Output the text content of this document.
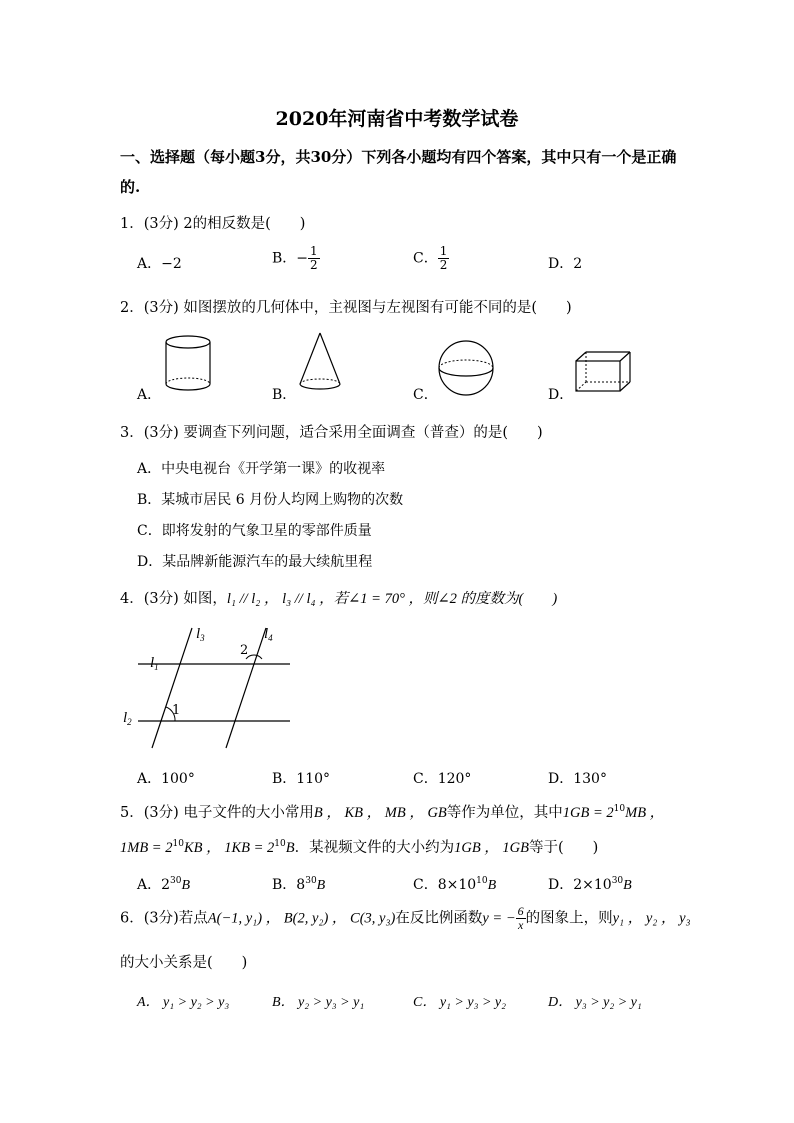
2020年河南省中考数学试卷
一、选择题（每小题3分，共30分）下列各小题均有四个答案，其中只有一个是正确
的.
1．(3分) 2的相反数是(　　)
A．−2	B．− $\frac{1}{2}$	C． $\frac{1}{2}$	D．2
2．(3分) 如图摆放的几何体中，主视图与左视图有可能不同的是(　　)
A．	B．	C．	D．
3．(3分) 要调查下列问题，适合采用全面调查（普查）的是(　　)
A．中央电视台《开学第一课》的收视率
B．某城市居民 6 月份人均网上购物的次数
C．即将发射的气象卫星的零部件质量
D．某品牌新能源汽车的最大续航里程
4．(3分) 如图，l₁ // l₂ ， l₃ // l₄ ，若∠1 = 70° ，则∠2 的度数为(　　)
$l_3$	$l_4$
$l_1$
$l_2$
1
2
A．100°	B．110°	C．120°	D．130°
5．(3分) 电子文件的大小常用B ， KB ， MB ， GB等作为单位，其中$1GB = 2^{10}MB$ ，
$1MB = 2^{10}KB$ ， $1KB = 2^{10}B$．某视频文件的大小约为1GB ， 1GB等于(　　)
A．$2^{30}B$	B．$8^{30}B$	C．$8\times 10^{10}B$	D．$2\times 10^{30}B$
6．(3分)若点A(−1, y₁) ， B(2, y₂) ， C(3, y₃)在反比例函数y = − $\frac{6}{x}$ 的图象上，则y₁ ， y₂ ， y₃
的大小关系是(　　)
A． y₁ > y₂ > y₃	B． y₂ > y₃ > y₁	C． y₁ > y₃ > y₂	D． y₃ > y₂ > y₁
